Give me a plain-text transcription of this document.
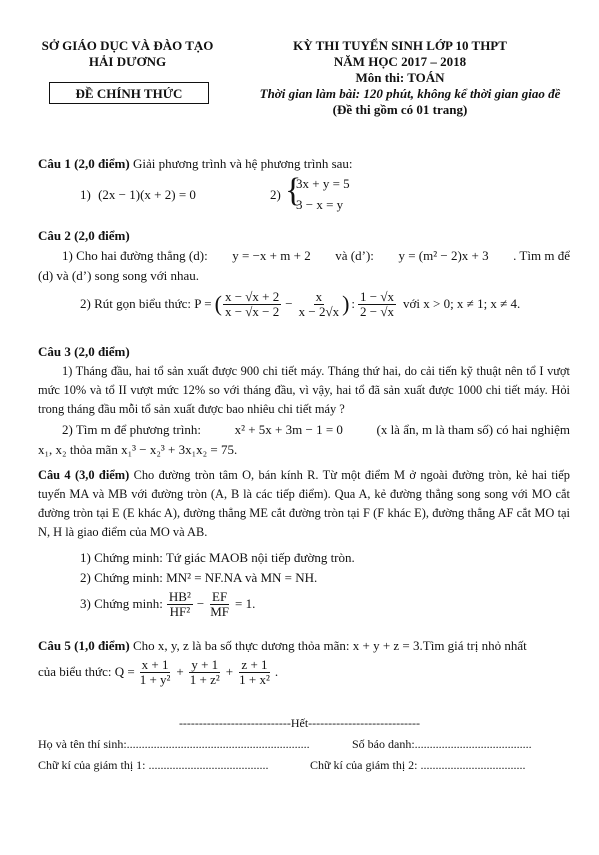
SỞ GIÁO DỤC VÀ ĐÀO TẠO
HẢI DƯƠNG
ĐỀ CHÍNH THỨC
KỲ THI TUYỂN SINH LỚP 10 THPT
NĂM HỌC 2017 – 2018
Môn thi: TOÁN
Thời gian làm bài: 120 phút, không kể thời gian giao đề
(Đề thi gồm có 01 trang)
Câu 1 (2,0 điểm) Giải phương trình và hệ phương trình sau:
1) (2x − 1)(x + 2) = 0	2) {
3x + y = 5
3 − x = y
Câu 2 (2,0 điểm)
1) Cho hai đường thẳng (d): y = −x + m + 2 và (d’): y = (m² − 2)x + 3 . Tìm m để
(d) và (d’) song song với nhau.
2) Rút gọn biểu thức: P = ( $\frac{x - √x + 2}{x - √x - 2} - \frac{x}{x - 2√x}$ ) : $\frac{1 - √x}{2 - √x}$ với x > 0; x ≠ 1; x ≠ 4.
Câu 3 (2,0 điểm)

1) Tháng đầu, hai tổ sản xuất được 900 chi tiết máy. Tháng thứ hai, do cải tiến kỹ thuật nên tổ I vượt mức 10% và tổ II vượt mức 12% so với tháng đầu, vì vậy, hai tổ đã sản xuất được 1000 chi tiết máy. Hỏi trong tháng đầu mỗi tổ sản xuất được bao nhiêu chi tiết máy ?

2) Tìm m để phương trình:	x² + 5x + 3m − 1 = 0	(x là ẩn, m là tham số) có hai nghiệm
x₁, x₂ thỏa mãn x₁³ − x₂³ + 3x₁x₂ = 75.

Câu 4 (3,0 điểm) Cho đường tròn tâm O, bán kính R. Từ một điểm M ở ngoài đường tròn, kẻ hai tiếp tuyến MA và MB với đường tròn (A, B là các tiếp điểm). Qua A, kẻ đường thẳng song song với MO cắt đường tròn tại E (E khác A), đường thẳng ME cắt đường tròn tại F (F khác E), đường thẳng AF cắt MO tại N, H là giao điểm của MO và AB.

1) Chứng minh: Tứ giác MAOB nội tiếp đường tròn.
2) Chứng minh: MN² = NF.NA và MN = NH.
3) Chứng minh: $\frac{\text{HB²}}{\text{HF²}} - \frac{EF}{MF} = 1$.
Câu 5 (1,0 điểm) Cho x, y, z là ba số thực dương thỏa mãn: x + y + z = 3.Tìm giá trị nhỏ nhất
của biểu thức: $Q = \frac{x + 1}{\text{1 + y²}} + \frac{y + 1}{\text{1 + z²}} + \frac{z + 1}{\text{1 + x²}}$ .
----------------------------Hết----------------------------
Họ và tên thí sinh:.............................................................	Số báo danh:.......................................
Chữ kí của giám thị 1: ........................................	Chữ kí của giám thị 2: ...................................
